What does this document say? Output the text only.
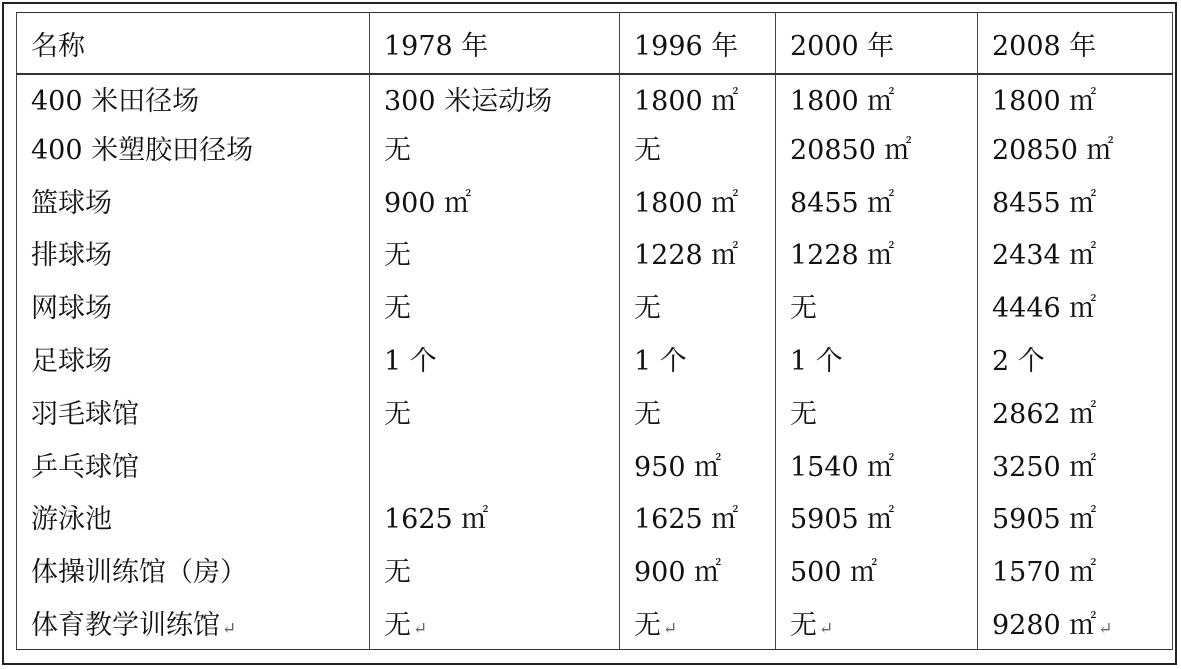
名称	1978 年	1996 年	2000 年	2008 年
400 米田径场	300 米运动场	1800 ㎡	1800 ㎡	1800 ㎡
400 米塑胶田径场	无	无	20850 ㎡	20850 ㎡
篮球场	900 ㎡	1800 ㎡	8455 ㎡	8455 ㎡
排球场	无	1228 ㎡	1228 ㎡	2434 ㎡
网球场	无	无	无	4446 ㎡
足球场	1 个	1 个	1 个	2 个
羽毛球馆	无	无	无	2862 ㎡
乒乓球馆		950 ㎡	1540 ㎡	3250 ㎡
游泳池	1625 ㎡	1625 ㎡	5905 ㎡	5905 ㎡
体操训练馆（房）	无	900 ㎡	500 ㎡	1570 ㎡
体育教学训练馆 ↵	无 ↵	无 ↵	无 ↵	9280 ㎡ ↵
